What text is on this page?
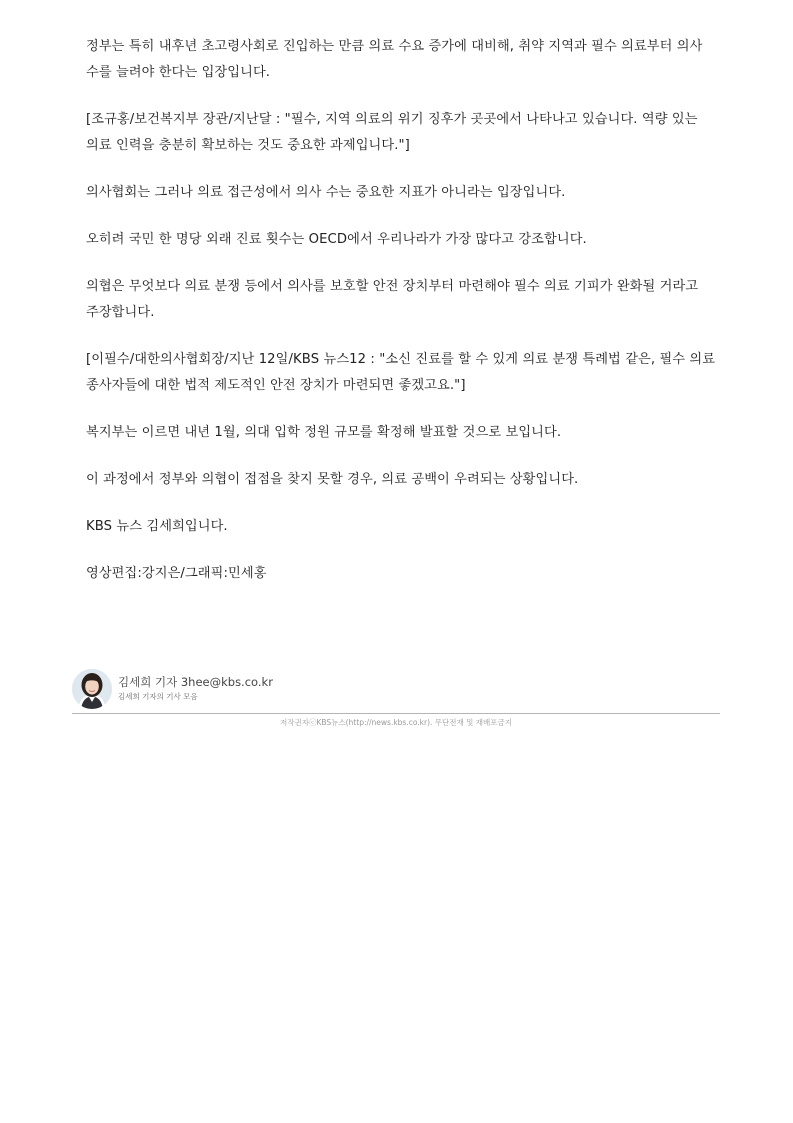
정부는 특히 내후년 초고령사회로 진입하는 만큼 의료 수요 증가에 대비해, 취약 지역과 필수 의료부터 의사 수를 늘려야 한다는 입장입니다.

[조규홍/보건복지부 장관/지난달 : "필수, 지역 의료의 위기 징후가 곳곳에서 나타나고 있습니다. 역량 있는 의료 인력을 충분히 확보하는 것도 중요한 과제입니다."]

의사협회는 그러나 의료 접근성에서 의사 수는 중요한 지표가 아니라는 입장입니다.

오히려 국민 한 명당 외래 진료 횟수는 OECD에서 우리나라가 가장 많다고 강조합니다.

의협은 무엇보다 의료 분쟁 등에서 의사를 보호할 안전 장치부터 마련해야 필수 의료 기피가 완화될 거라고 주장합니다.

[이필수/대한의사협회장/지난 12일/KBS 뉴스12 : "소신 진료를 할 수 있게 의료 분쟁 특례법 같은, 필수 의료 종사자들에 대한 법적 제도적인 안전 장치가 마련되면 좋겠고요."]

복지부는 이르면 내년 1월, 의대 입학 정원 규모를 확정해 발표할 것으로 보입니다.

이 과정에서 정부와 의협이 접점을 찾지 못할 경우, 의료 공백이 우려되는 상황입니다.

KBS 뉴스 김세희입니다.

영상편집:강지은/그래픽:민세홍

김세희 기자 3hee@kbs.co.kr
김세희 기자의 기사 모음
저작권자ⓒKBS뉴스(http://news.kbs.co.kr). 무단전재 및 재배포금지
